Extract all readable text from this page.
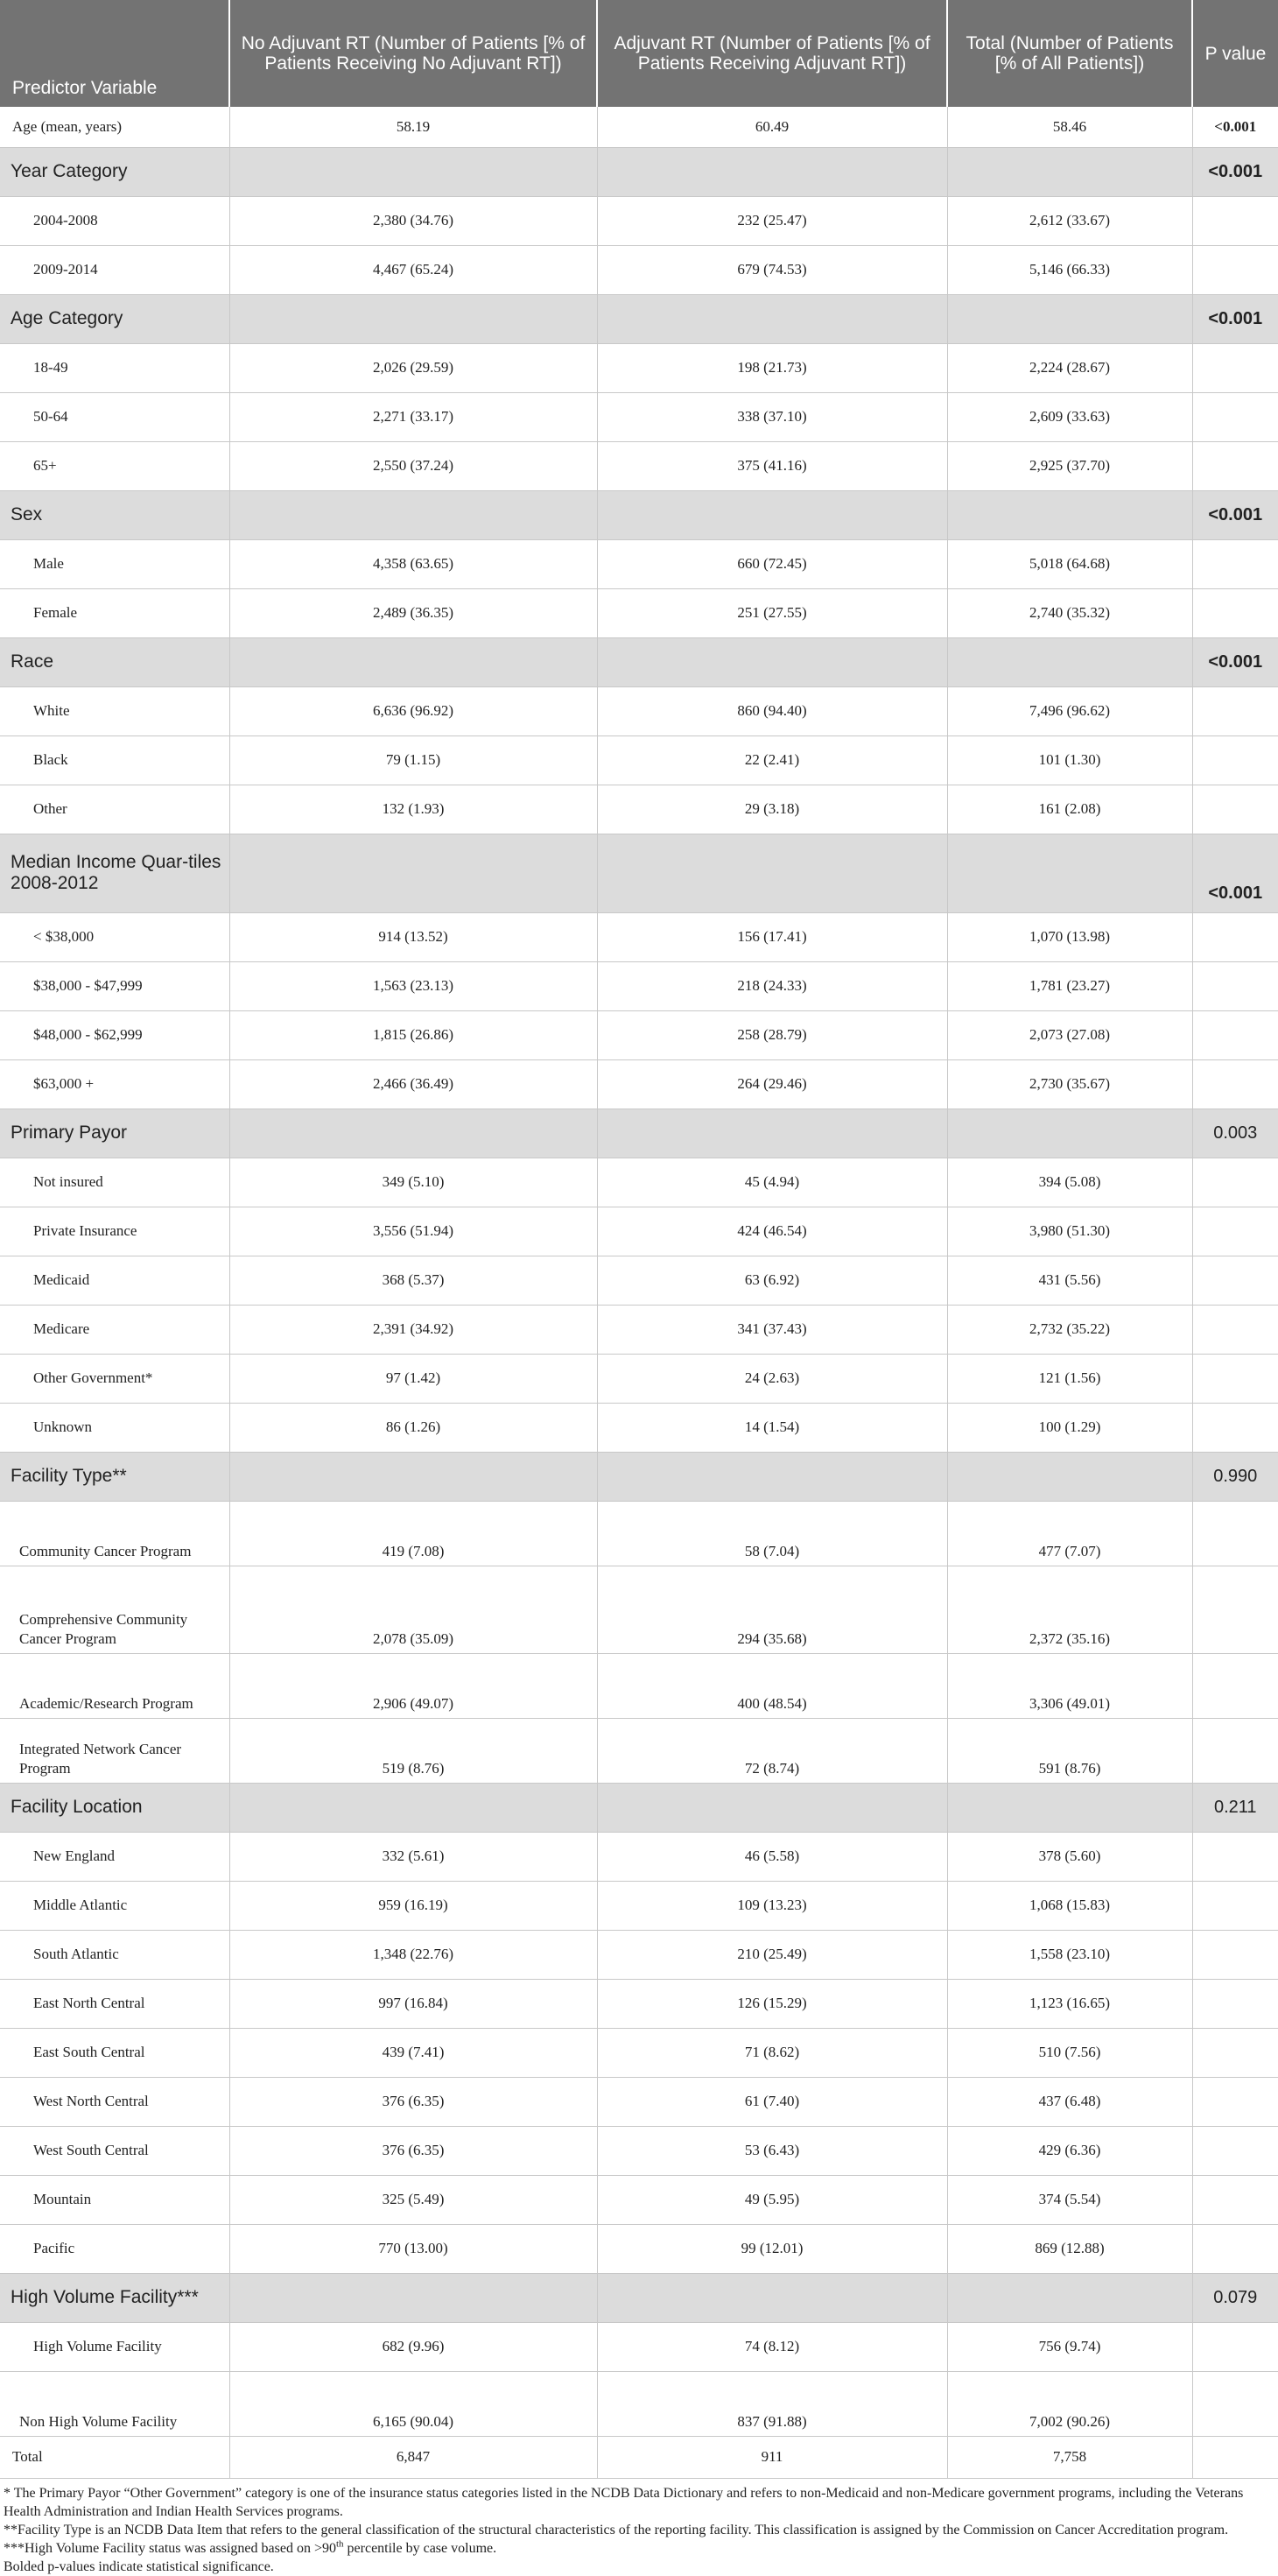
Predictor Variable	No Adjuvant RT (Number of Patients [% of Patients Receiving No Adjuvant RT])	Adjuvant RT (Number of Patients [% of Patients Receiving Adjuvant RT])	Total (Number of Patients [% of All Patients])	P value
Age (mean, years)	58.19	60.49	58.46	<0.001
Year Category				<0.001
2004-2008	2,380 (34.76)	232 (25.47)	2,612 (33.67)	
2009-2014	4,467 (65.24)	679 (74.53)	5,146 (66.33)	
Age Category				<0.001
18-49	2,026 (29.59)	198 (21.73)	2,224 (28.67)	
50-64	2,271 (33.17)	338 (37.10)	2,609 (33.63)	
65+	2,550 (37.24)	375 (41.16)	2,925 (37.70)	
Sex				<0.001
Male	4,358 (63.65)	660 (72.45)	5,018 (64.68)	
Female	2,489 (36.35)	251 (27.55)	2,740 (35.32)	
Race				<0.001
White	6,636 (96.92)	860 (94.40)	7,496 (96.62)	
Black	79 (1.15)	22 (2.41)	101 (1.30)	
Other	132 (1.93)	29 (3.18)	161 (2.08)	
Median Income Quar-tiles 2008-2012				<0.001
< $38,000	914 (13.52)	156 (17.41)	1,070 (13.98)	
$38,000 - $47,999	1,563 (23.13)	218 (24.33)	1,781 (23.27)	
$48,000 - $62,999	1,815 (26.86)	258 (28.79)	2,073 (27.08)	
$63,000 +	2,466 (36.49)	264 (29.46)	2,730 (35.67)	
Primary Payor				0.003
Not insured	349 (5.10)	45 (4.94)	394 (5.08)	
Private Insurance	3,556 (51.94)	424 (46.54)	3,980 (51.30)	
Medicaid	368 (5.37)	63 (6.92)	431 (5.56)	
Medicare	2,391 (34.92)	341 (37.43)	2,732 (35.22)	
Other Government*	97 (1.42)	24 (2.63)	121 (1.56)	
Unknown	86 (1.26)	14 (1.54)	100 (1.29)	
Facility Type**				0.990
Community Cancer Program	419 (7.08)	58 (7.04)	477 (7.07)	
Comprehensive Community Cancer Program	2,078 (35.09)	294 (35.68)	2,372 (35.16)	
Academic/Research Program	2,906 (49.07)	400 (48.54)	3,306 (49.01)	
Integrated Network Cancer Program	519 (8.76)	72 (8.74)	591 (8.76)	
Facility Location				0.211
New England	332 (5.61)	46 (5.58)	378 (5.60)	
Middle Atlantic	959 (16.19)	109 (13.23)	1,068 (15.83)	
South Atlantic	1,348 (22.76)	210 (25.49)	1,558 (23.10)	
East North Central	997 (16.84)	126 (15.29)	1,123 (16.65)	
East South Central	439 (7.41)	71 (8.62)	510 (7.56)	
West North Central	376 (6.35)	61 (7.40)	437 (6.48)	
West South Central	376 (6.35)	53 (6.43)	429 (6.36)	
Mountain	325 (5.49)	49 (5.95)	374 (5.54)	
Pacific	770 (13.00)	99 (12.01)	869 (12.88)	
High Volume Facility***				0.079
High Volume Facility	682 (9.96)	74 (8.12)	756 (9.74)	
Non High Volume Facility	6,165 (90.04)	837 (91.88)	7,002 (90.26)	
Total	6,847	911	7,758	

* The Primary Payor “Other Government” category is one of the insurance status categories listed in the NCDB Data Dictionary and refers to non-Medicaid and non-Medicare government programs, including the Veterans Health Administration and Indian Health Services programs.

**Facility Type is an NCDB Data Item that refers to the general classification of the structural characteristics of the reporting facility. This classification is assigned by the Commission on Cancer Accreditation program.

***High Volume Facility status was assigned based on >90th percentile by case volume.

Bolded p-values indicate statistical significance.
